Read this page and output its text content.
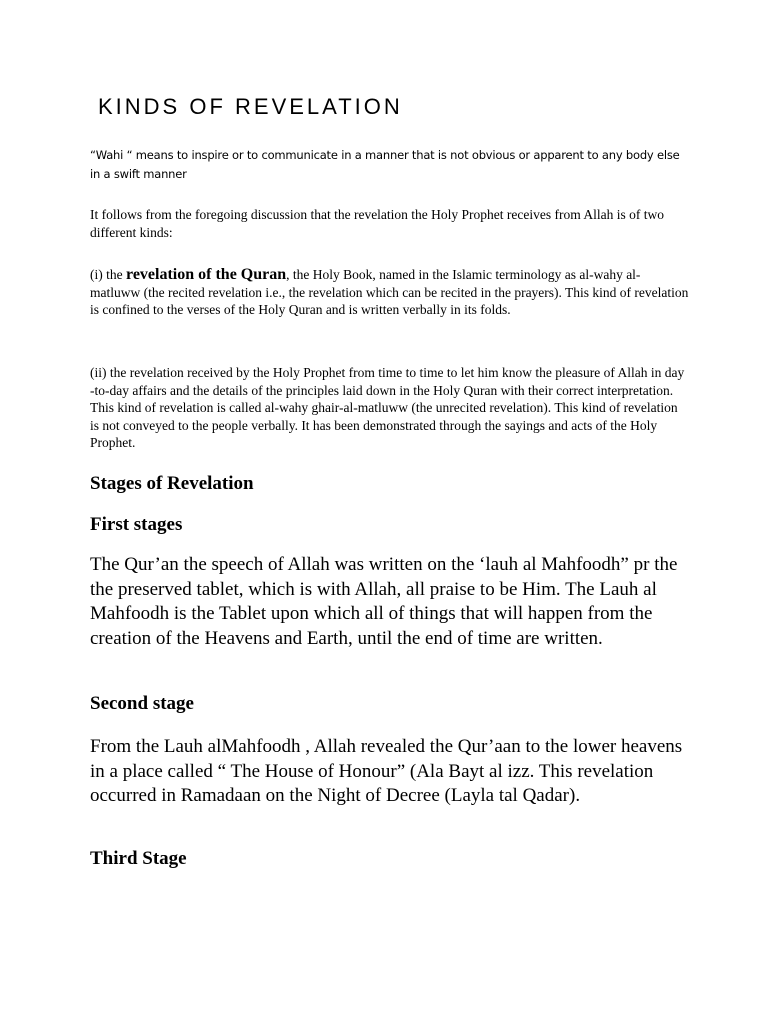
KINDS OF REVELATION

“Wahi “ means to inspire or to communicate in a manner that is not obvious or apparent to any body else in a swift manner

It follows from the foregoing discussion that the revelation the Holy Prophet receives from Allah is of two different kinds:

(i) the revelation of the Quran, the Holy Book, named in the Islamic terminology as al-wahy al-matluww (the recited revelation i.e., the revelation which can be recited in the prayers). This kind of revelation is confined to the verses of the Holy Quran and is written verbally in its folds.

(ii) the revelation received by the Holy Prophet from time to time to let him know the pleasure of Allah in day -to-day affairs and the details of the principles laid down in the Holy Quran with their correct interpretation. This kind of revelation is called al-wahy ghair-al-matluww (the unrecited revelation). This kind of revelation is not conveyed to the people verbally. It has been demonstrated through the sayings and acts of the Holy Prophet.

Stages of Revelation
First stages

The Qur’an the speech of Allah was written on the ‘lauh al Mahfoodh” pr the the preserved tablet, which is with Allah, all praise to be Him. The Lauh al Mahfoodh is the Tablet upon which all of things that will happen from the creation of the Heavens and Earth, until the end of time are written.

Second stage

From the Lauh alMahfoodh , Allah revealed the Qur’aan to the lower heavens in a place called “ The House of Honour” (Ala Bayt al izz. This revelation occurred in Ramadaan on the Night of Decree (Layla tal Qadar).

Third Stage
